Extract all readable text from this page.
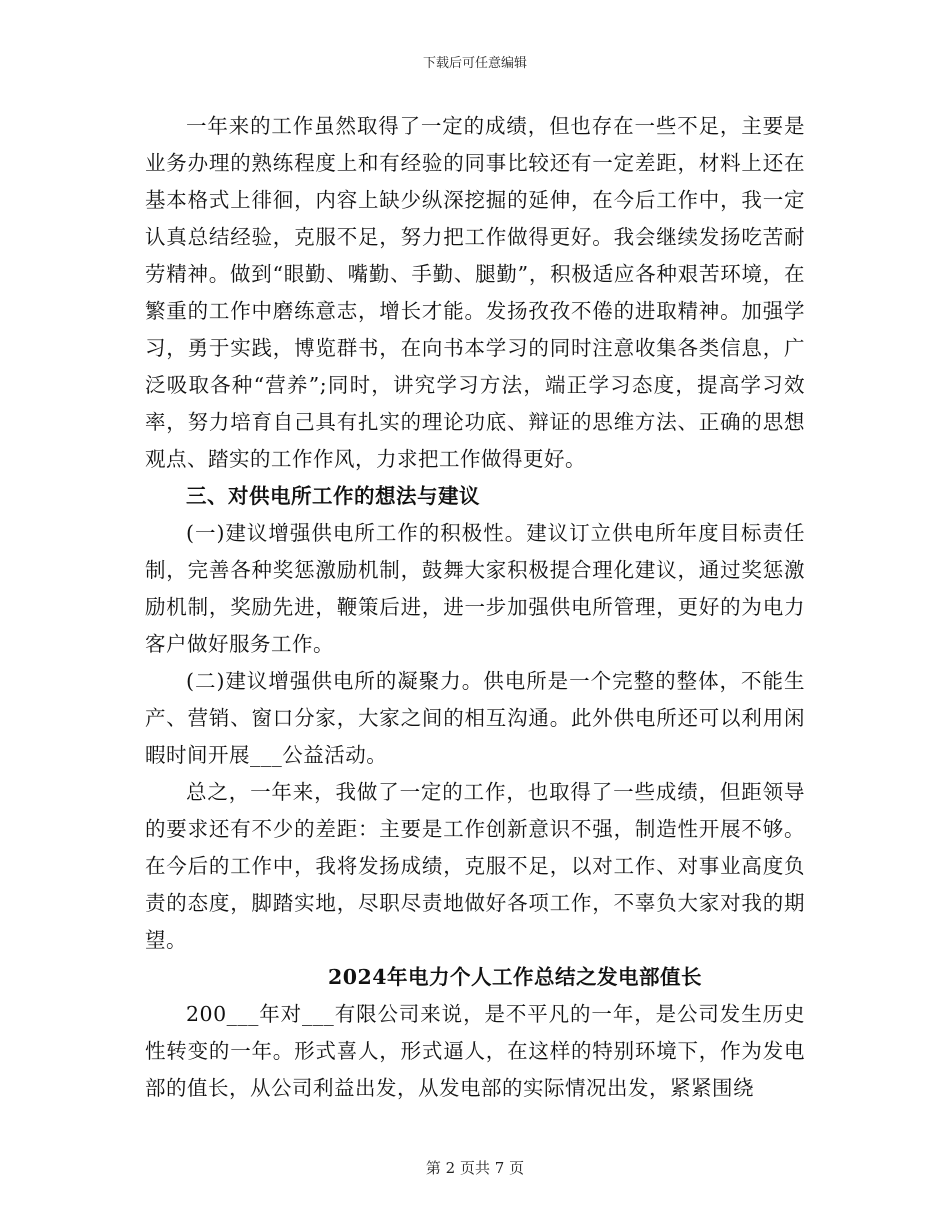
下载后可任意编辑

一年来的工作虽然取得了一定的成绩，但也存在一些不足，主要是业务办理的熟练程度上和有经验的同事比较还有一定差距，材料上还在基本格式上徘徊，内容上缺少纵深挖掘的延伸，在今后工作中，我一定认真总结经验，克服不足，努力把工作做得更好。我会继续发扬吃苦耐劳精神。做到“眼勤、嘴勤、手勤、腿勤”，积极适应各种艰苦环境，在繁重的工作中磨练意志，增长才能。发扬孜孜不倦的进取精神。加强学习，勇于实践，博览群书，在向书本学习的同时注意收集各类信息，广泛吸取各种“营养”;同时，讲究学习方法，端正学习态度，提高学习效率，努力培育自己具有扎实的理论功底、辩证的思维方法、正确的思想观点、踏实的工作作风，力求把工作做得更好。

三、对供电所工作的想法与建议

(一)建议增强供电所工作的积极性。建议订立供电所年度目标责任制，完善各种奖惩激励机制，鼓舞大家积极提合理化建议，通过奖惩激励机制，奖励先进，鞭策后进，进一步加强供电所管理，更好的为电力客户做好服务工作。

(二)建议增强供电所的凝聚力。供电所是一个完整的整体，不能生产、营销、窗口分家，大家之间的相互沟通。此外供电所还可以利用闲暇时间开展___公益活动。

总之，一年来，我做了一定的工作，也取得了一些成绩，但距领导的要求还有不少的差距：主要是工作创新意识不强，制造性开展不够。在今后的工作中，我将发扬成绩，克服不足，以对工作、对事业高度负责的态度，脚踏实地，尽职尽责地做好各项工作，不辜负大家对我的期望。

2024年电力个人工作总结之发电部值长

200___年对___有限公司来说，是不平凡的一年，是公司发生历史性转变的一年。形式喜人，形式逼人，在这样的特别环境下，作为发电部的值长，从公司利益出发，从发电部的实际情况出发，紧紧围绕

第 2 页共 7 页
